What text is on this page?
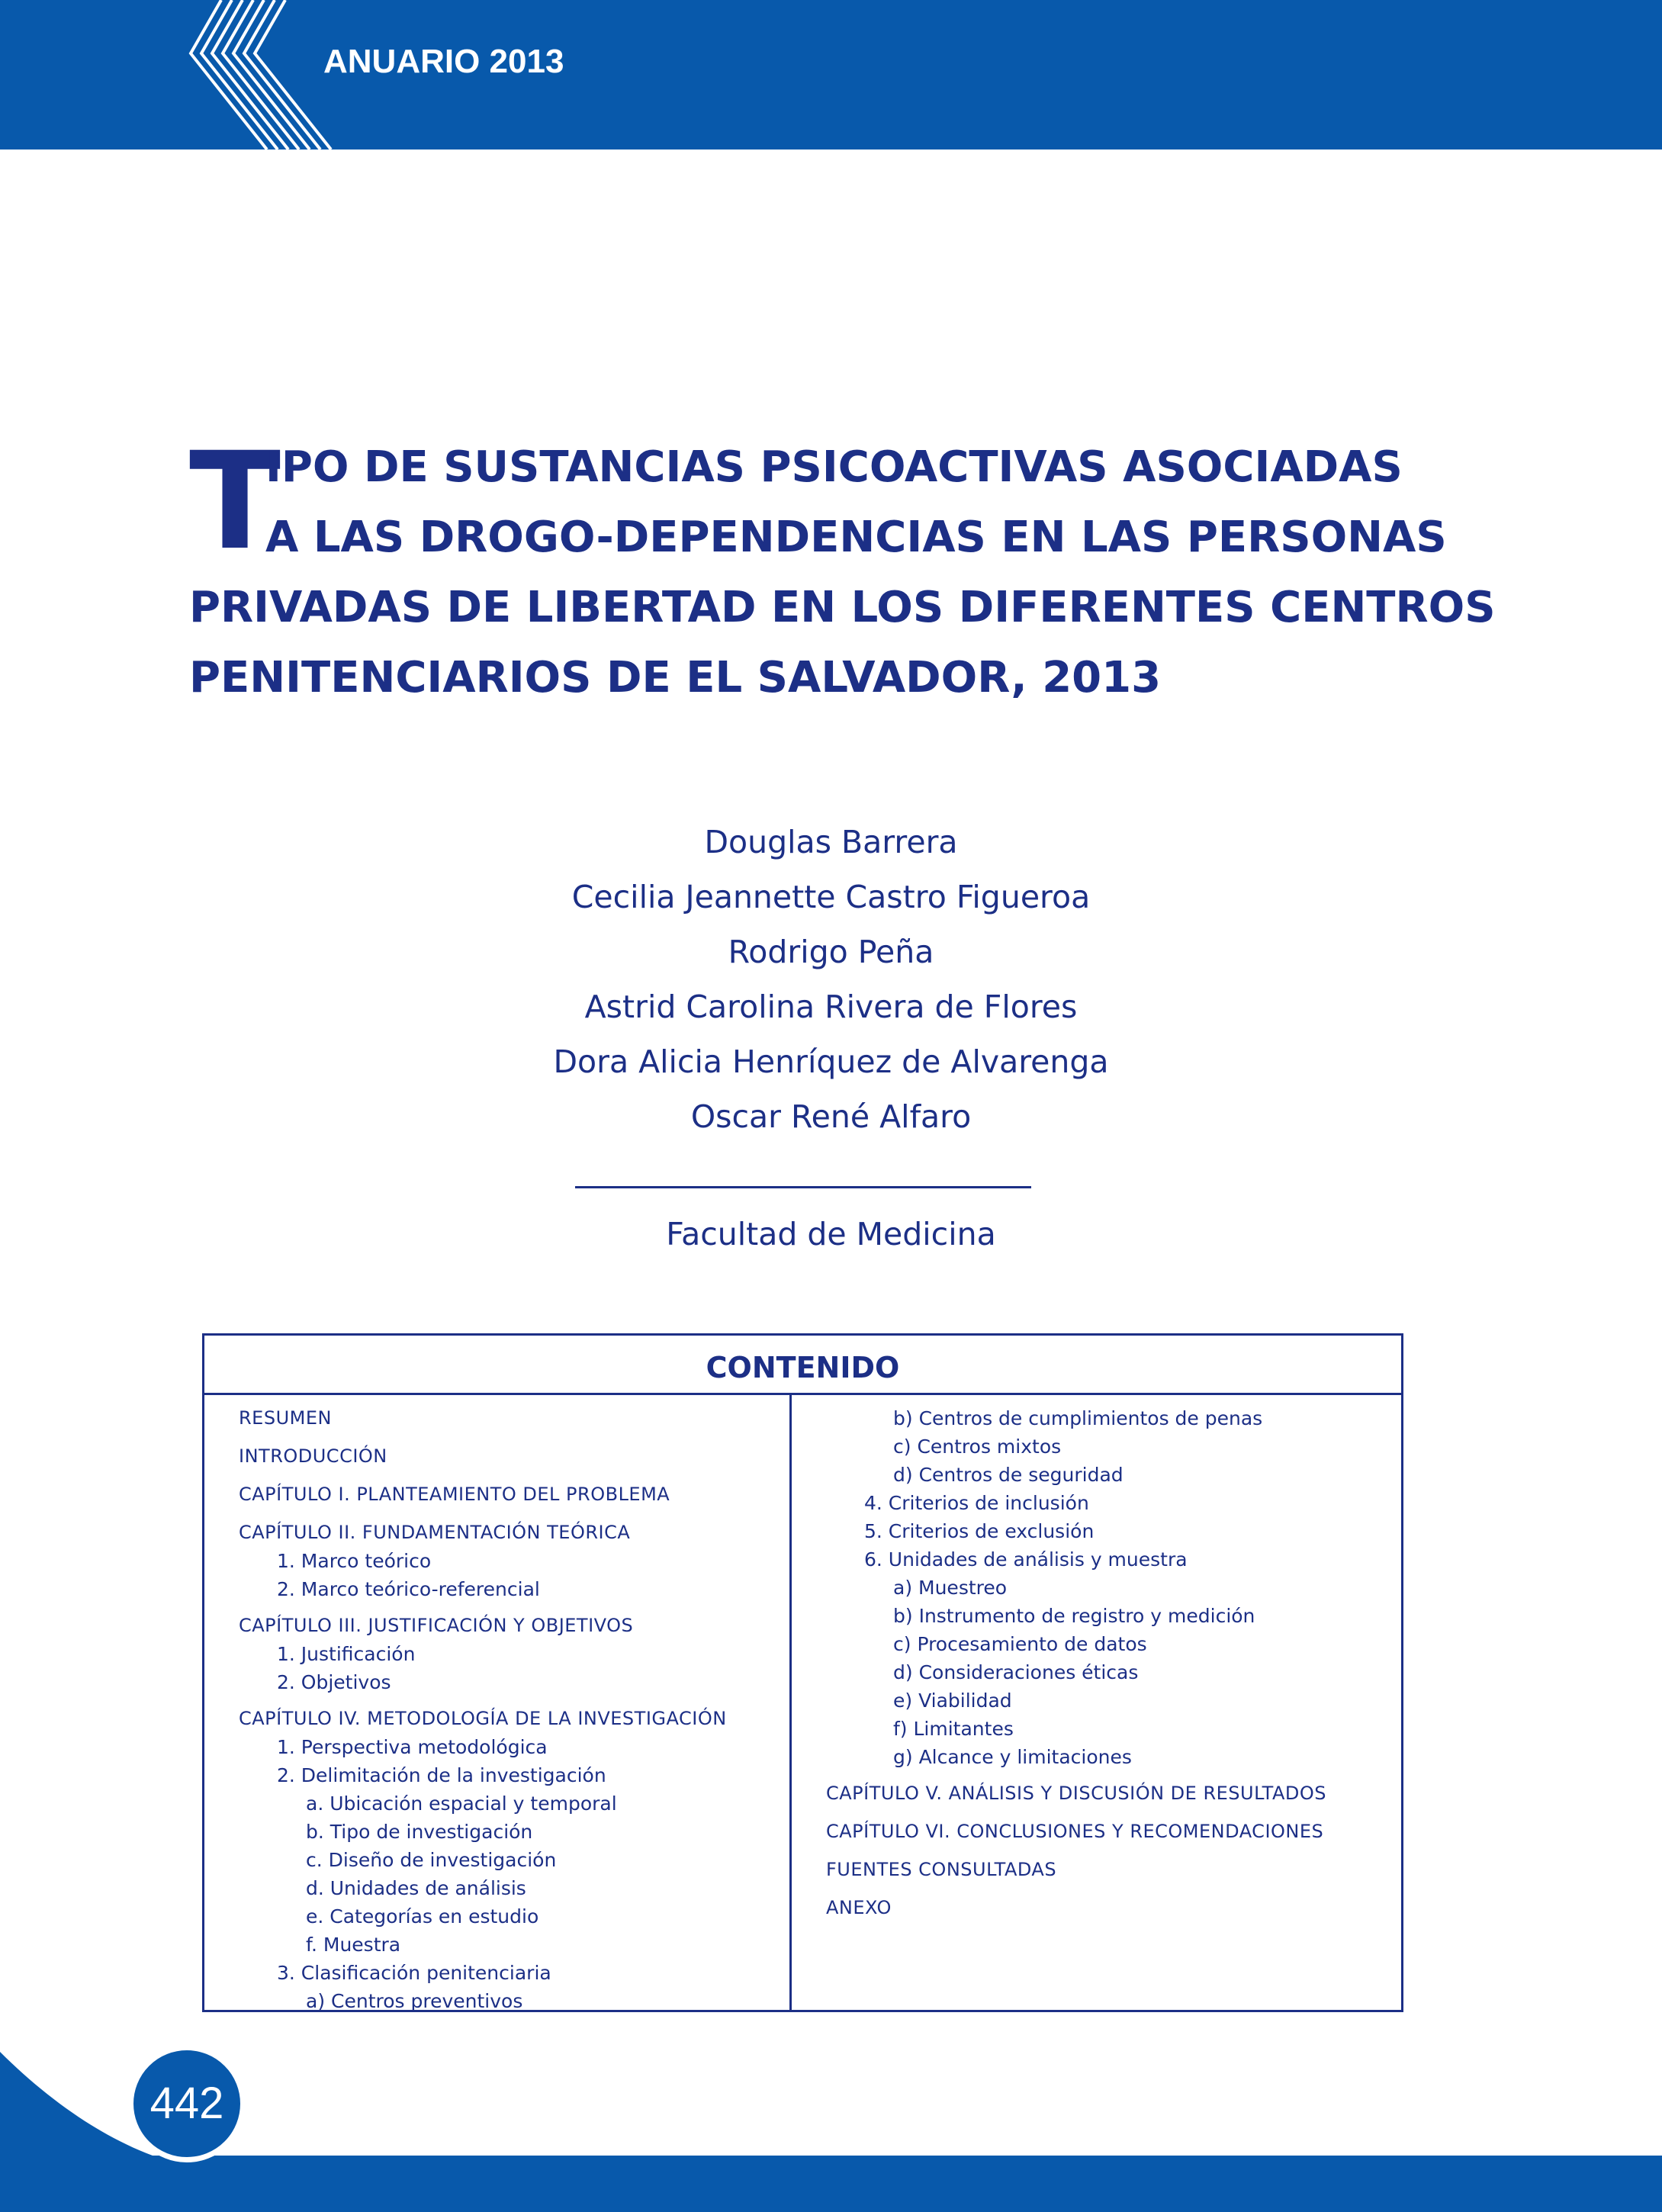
ANUARIO 2013
T
IPO DE SUSTANCIAS PSICOACTIVAS ASOCIADAS
A LAS DROGO-DEPENDENCIAS EN LAS PERSONAS
PRIVADAS DE LIBERTAD EN LOS DIFERENTES CENTROS
PENITENCIARIOS DE EL SALVADOR, 2013
Douglas Barrera
Cecilia Jeannette Castro Figueroa
Rodrigo Peña
Astrid Carolina Rivera de Flores
Dora Alicia Henríquez de Alvarenga
Oscar René Alfaro
Facultad de Medicina
CONTENIDO
RESUMEN
INTRODUCCIÓN
CAPÍTULO I. PLANTEAMIENTO DEL PROBLEMA
CAPÍTULO II. FUNDAMENTACIÓN TEÓRICA
1. Marco teórico
2. Marco teórico-referencial
CAPÍTULO III. JUSTIFICACIÓN Y OBJETIVOS
1. Justificación
2. Objetivos
CAPÍTULO IV. METODOLOGÍA DE LA INVESTIGACIÓN
1. Perspectiva metodológica
2. Delimitación de la investigación
a. Ubicación espacial y temporal
b. Tipo de investigación
c. Diseño de investigación
d. Unidades de análisis
e. Categorías en estudio
f. Muestra
3. Clasificación penitenciaria
a) Centros preventivos
b) Centros de cumplimientos de penas
c) Centros mixtos
d) Centros de seguridad
4. Criterios de inclusión
5. Criterios de exclusión
6. Unidades de análisis y muestra
a) Muestreo
b) Instrumento de registro y medición
c) Procesamiento de datos
d) Consideraciones éticas
e) Viabilidad
f) Limitantes
g) Alcance y limitaciones
CAPÍTULO V. ANÁLISIS Y DISCUSIÓN DE RESULTADOS
CAPÍTULO VI. CONCLUSIONES Y RECOMENDACIONES
FUENTES CONSULTADAS
ANEXO
442
